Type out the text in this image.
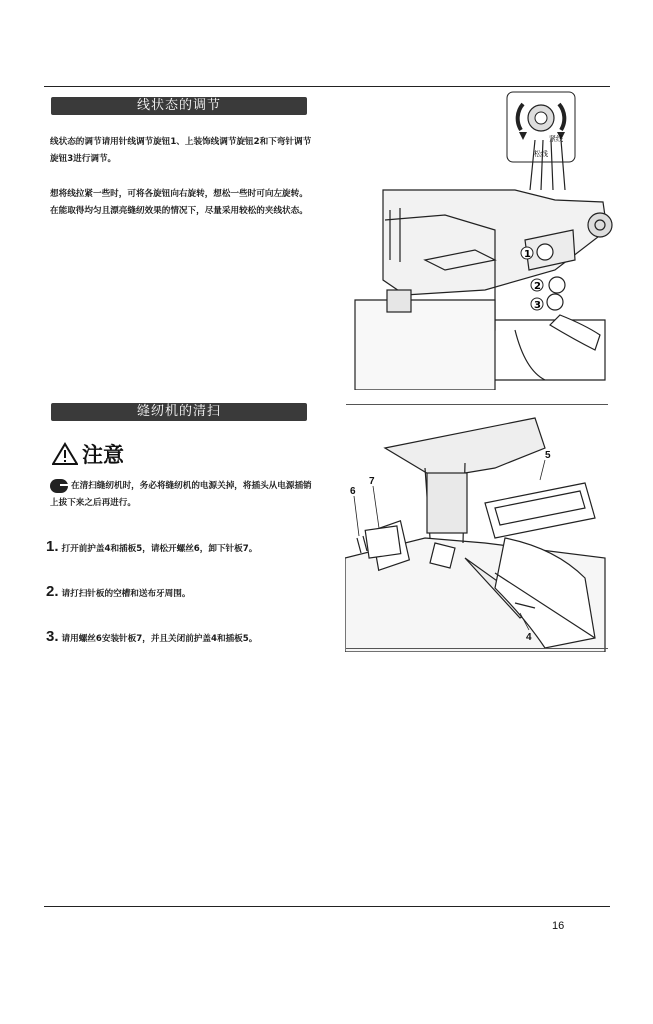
线状态的调节
线状态的调节请用针线调节旋钮1、上装饰线调节旋钮2和下弯针调节旋钮3进行调节。
想将线拉紧一些时，可将各旋钮向右旋转，想松一些时可向左旋转。在能取得均匀且漂亮缝纫效果的情况下，尽量采用较松的夹线状态。
紧线
松线
1
2
3
缝纫机的清扫
注意
在清扫缝纫机时，务必将缝纫机的电源关掉，将插头从电源插销上拔下来之后再进行。
1. 打开前护盖4和插板5，请松开螺丝6，卸下针板7。
2. 请打扫针板的空槽和送布牙周围。
3. 请用螺丝6安装针板7，并且关闭前护盖4和插板5。
5
6
7
4
16
